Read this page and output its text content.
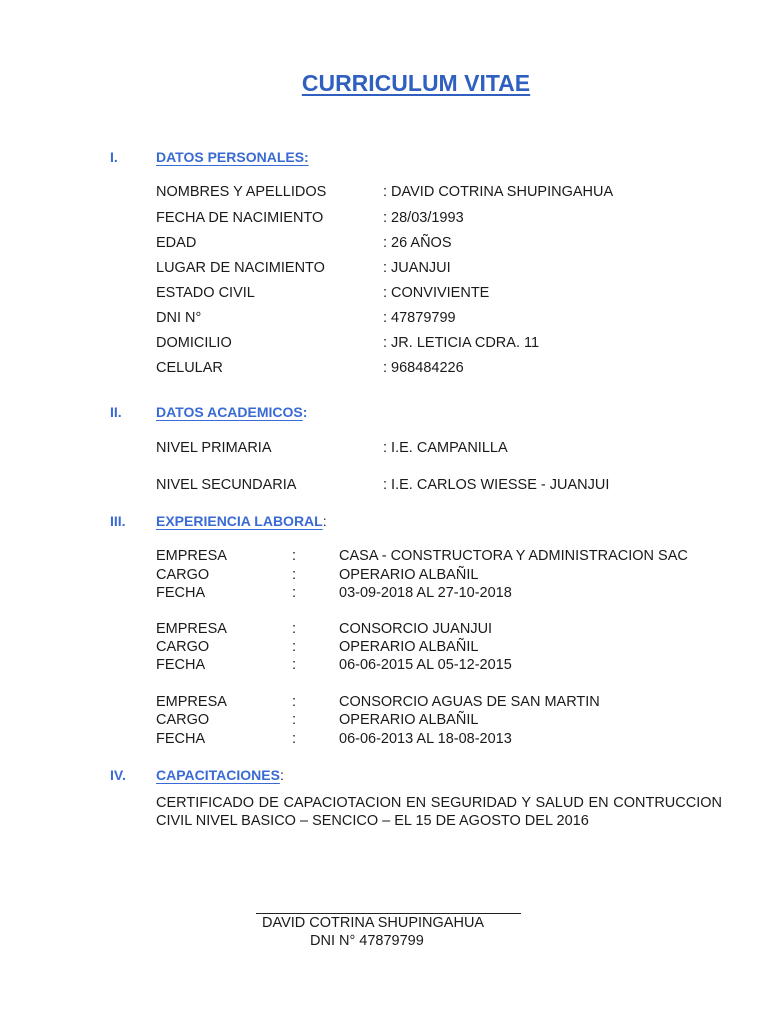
CURRICULUM VITAE
I.	DATOS PERSONALES:
NOMBRES Y APELLIDOS	: DAVID COTRINA SHUPINGAHUA
FECHA DE NACIMIENTO	: 28/03/1993
EDAD	: 26 AÑOS
LUGAR DE NACIMIENTO	: JUANJUI
ESTADO CIVIL	: CONVIVIENTE
DNI N°	: 47879799
DOMICILIO	: JR. LETICIA CDRA. 11
CELULAR	: 968484226
II. DATOS ACADEMICOS:
NIVEL PRIMARIA	: I.E. CAMPANILLA
NIVEL SECUNDARIA	: I.E. CARLOS WIESSE - JUANJUI
III. EXPERIENCIA LABORAL:
EMPRESA	:	CASA - CONSTRUCTORA Y ADMINISTRACION SAC
CARGO	:	OPERARIO ALBAÑIL
FECHA	:	03-09-2018 AL 27-10-2018
EMPRESA	:	CONSORCIO JUANJUI
CARGO	:	OPERARIO ALBAÑIL
FECHA	:	06-06-2015 AL 05-12-2015
EMPRESA	:	CONSORCIO AGUAS DE SAN MARTIN
CARGO	:	OPERARIO ALBAÑIL
FECHA	:	06-06-2013 AL 18-08-2013
IV. CAPACITACIONES:
CERTIFICADO DE CAPACIOTACION EN SEGURIDAD Y SALUD EN CONTRUCCION CIVIL NIVEL BASICO – SENCICO – EL 15 DE AGOSTO DEL 2016
DAVID COTRINA SHUPINGAHUA
DNI N° 47879799
